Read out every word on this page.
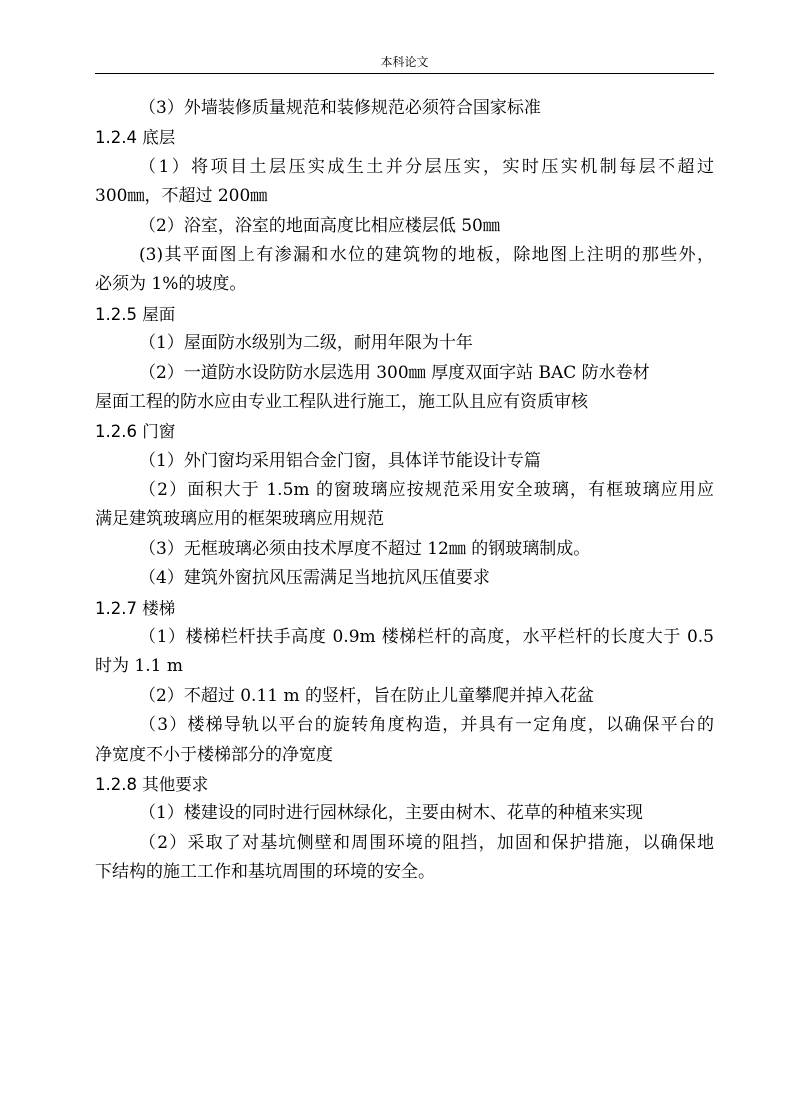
本科论文
（3）外墙装修质量规范和装修规范必须符合国家标准
1.2.4 底层
（1）将项目土层压实成生土并分层压实，实时压实机制每层不超过
300㎜，不超过 200㎜
（2）浴室，浴室的地面高度比相应楼层低 50㎜
(3)其平面图上有渗漏和水位的建筑物的地板，除地图上注明的那些外，
必须为 1%的坡度。
1.2.5 屋面
（1）屋面防水级别为二级，耐用年限为十年
（2）一道防水设防防水层选用 300㎜ 厚度双面字站 BAC 防水卷材
屋面工程的防水应由专业工程队进行施工，施工队且应有资质审核
1.2.6 门窗
（1）外门窗均采用铝合金门窗，具体详节能设计专篇
（2）面积大于 1.5m 的窗玻璃应按规范采用安全玻璃，有框玻璃应用应
满足建筑玻璃应用的框架玻璃应用规范
（3）无框玻璃必须由技术厚度不超过 12㎜ 的钢玻璃制成。
（4）建筑外窗抗风压需满足当地抗风压值要求
1.2.7 楼梯
（1）楼梯栏杆扶手高度 0.9m 楼梯栏杆的高度，水平栏杆的长度大于 0.5
时为 1.1 m
（2）不超过 0.11 m 的竖杆，旨在防止儿童攀爬并掉入花盆
（3）楼梯导轨以平台的旋转角度构造，并具有一定角度，以确保平台的
净宽度不小于楼梯部分的净宽度
1.2.8 其他要求
（1）楼建设的同时进行园林绿化，主要由树木、花草的种植来实现
（2）采取了对基坑侧壁和周围环境的阻挡，加固和保护措施，以确保地
下结构的施工工作和基坑周围的环境的安全。
